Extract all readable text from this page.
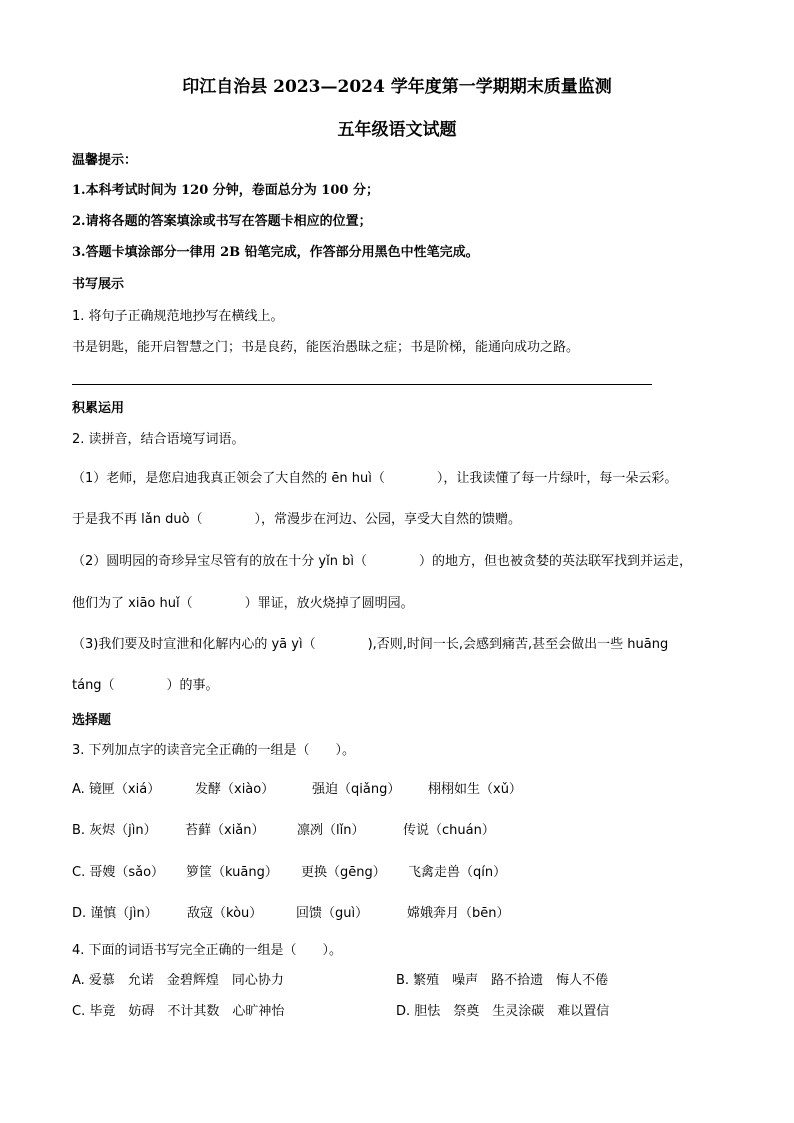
印江自治县 2023—2024 学年度第一学期期末质量监测
五年级语文试题
温馨提示：
1.本科考试时间为 120 分钟，卷面总分为 100 分；
2.请将各题的答案填涂或书写在答题卡相应的位置；
3.答题卡填涂部分一律用 2B 铅笔完成，作答部分用黑色中性笔完成。
书写展示
1. 将句子正确规范地抄写在横线上。
书是钥匙，能开启智慧之门；书是良药，能医治愚昧之症；书是阶梯，能通向成功之路。
积累运用
2. 读拼音，结合语境写词语。
（1）老师，是您启迪我真正领会了大自然的 ēn huì（　　　　），让我读懂了每一片绿叶，每一朵云彩。
于是我不再 lǎn duò（　　　　），常漫步在河边、公园，享受大自然的馈赠。
（2）圆明园的奇珍异宝尽管有的放在十分 yǐn bì（　　　　）的地方，但也被贪婪的英法联军找到并运走，
他们为了 xiāo huǐ（　　　　）罪证，放火烧掉了圆明园。
（3)我们要及时宣泄和化解内心的 yā yì（　　　　),否则,时间一长,会感到痛苦,甚至会做出一些 huāng
táng（　　　　）的事。
选择题
3. 下列加点字的读音完全正确的一组是（　　）。
A. 镜匣（xiá）	发酵（xiào）	强迫（qiǎng） 栩栩如生（xǔ）
B. 灰烬（jìn） 苔藓（xiǎn） 凛冽（lǐn）	传说（chuán）
C. 哥嫂（sǎo） 箩筐（kuāng） 更换（gēng） 飞禽走兽（qín）
D. 谨慎（jìn） 敌寇（kòu）	回馈（guì）	嫦娥奔月（bēn）
4. 下面的词语书写完全正确的一组是（　　）。
A. 爱慕　允诺　金碧辉煌　同心协力	B. 繁殖　噪声　路不拾遗　悔人不倦
C. 毕竟　妨碍　不计其数　心旷神怡	D. 胆怯　祭奠　生灵涂碳　难以置信
